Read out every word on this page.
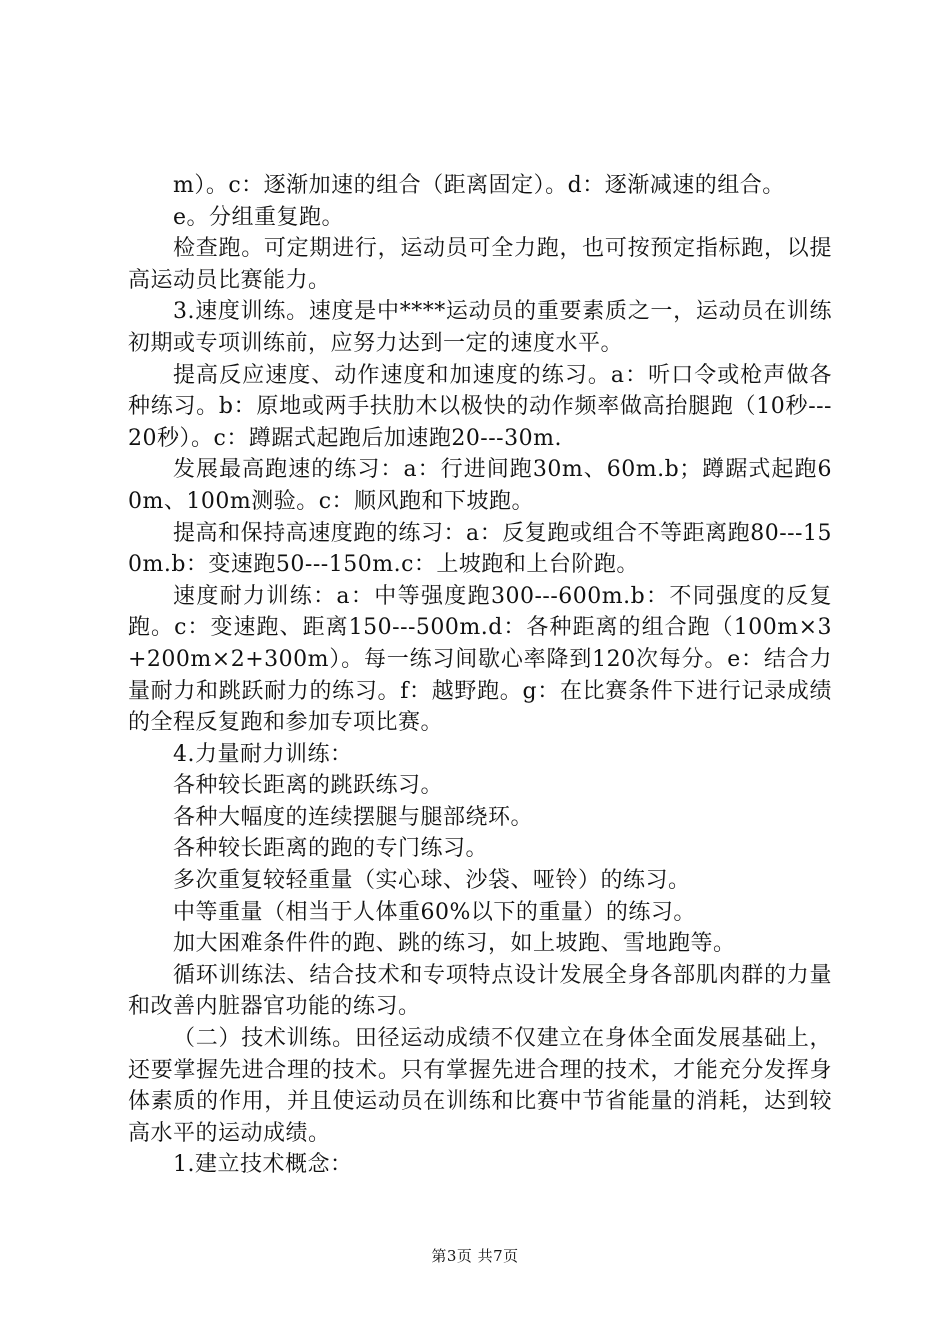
m）。c：逐渐加速的组合（距离固定）。d：逐渐减速的组合。

e。分组重复跑。

检查跑。可定期进行，运动员可全力跑，也可按预定指标跑，以提高运动员比赛能力。

3.速度训练。速度是中****运动员的重要素质之一，运动员在训练初期或专项训练前，应努力达到一定的速度水平。

提高反应速度、动作速度和加速度的练习。a：听口令或枪声做各种练习。b：原地或两手扶肋木以极快的动作频率做高抬腿跑（10秒---20秒）。c：蹲踞式起跑后加速跑20---30m.

发展最高跑速的练习：a：行进间跑30m、60m.b；蹲踞式起跑60m、100m测验。c：顺风跑和下坡跑。

提高和保持高速度跑的练习：a：反复跑或组合不等距离跑80---150m.b：变速跑50---150m.c：上坡跑和上台阶跑。

速度耐力训练：a：中等强度跑300---600m.b：不同强度的反复跑。c：变速跑、距离150---500m.d：各种距离的组合跑（100m×3+200m×2+300m）。每一练习间歇心率降到120次每分。e：结合力量耐力和跳跃耐力的练习。f：越野跑。g：在比赛条件下进行记录成绩的全程反复跑和参加专项比赛。

4.力量耐力训练：

各种较长距离的跳跃练习。

各种大幅度的连续摆腿与腿部绕环。

各种较长距离的跑的专门练习。

多次重复较轻重量（实心球、沙袋、哑铃）的练习。

中等重量（相当于人体重60%以下的重量）的练习。

加大困难条件件的跑、跳的练习，如上坡跑、雪地跑等。

循环训练法、结合技术和专项特点设计发展全身各部肌肉群的力量和改善内脏器官功能的练习。

（二）技术训练。田径运动成绩不仅建立在身体全面发展基础上，还要掌握先进合理的技术。只有掌握先进合理的技术，才能充分发挥身体素质的作用，并且使运动员在训练和比赛中节省能量的消耗，达到较高水平的运动成绩。

1.建立技术概念：

第3页 共7页
